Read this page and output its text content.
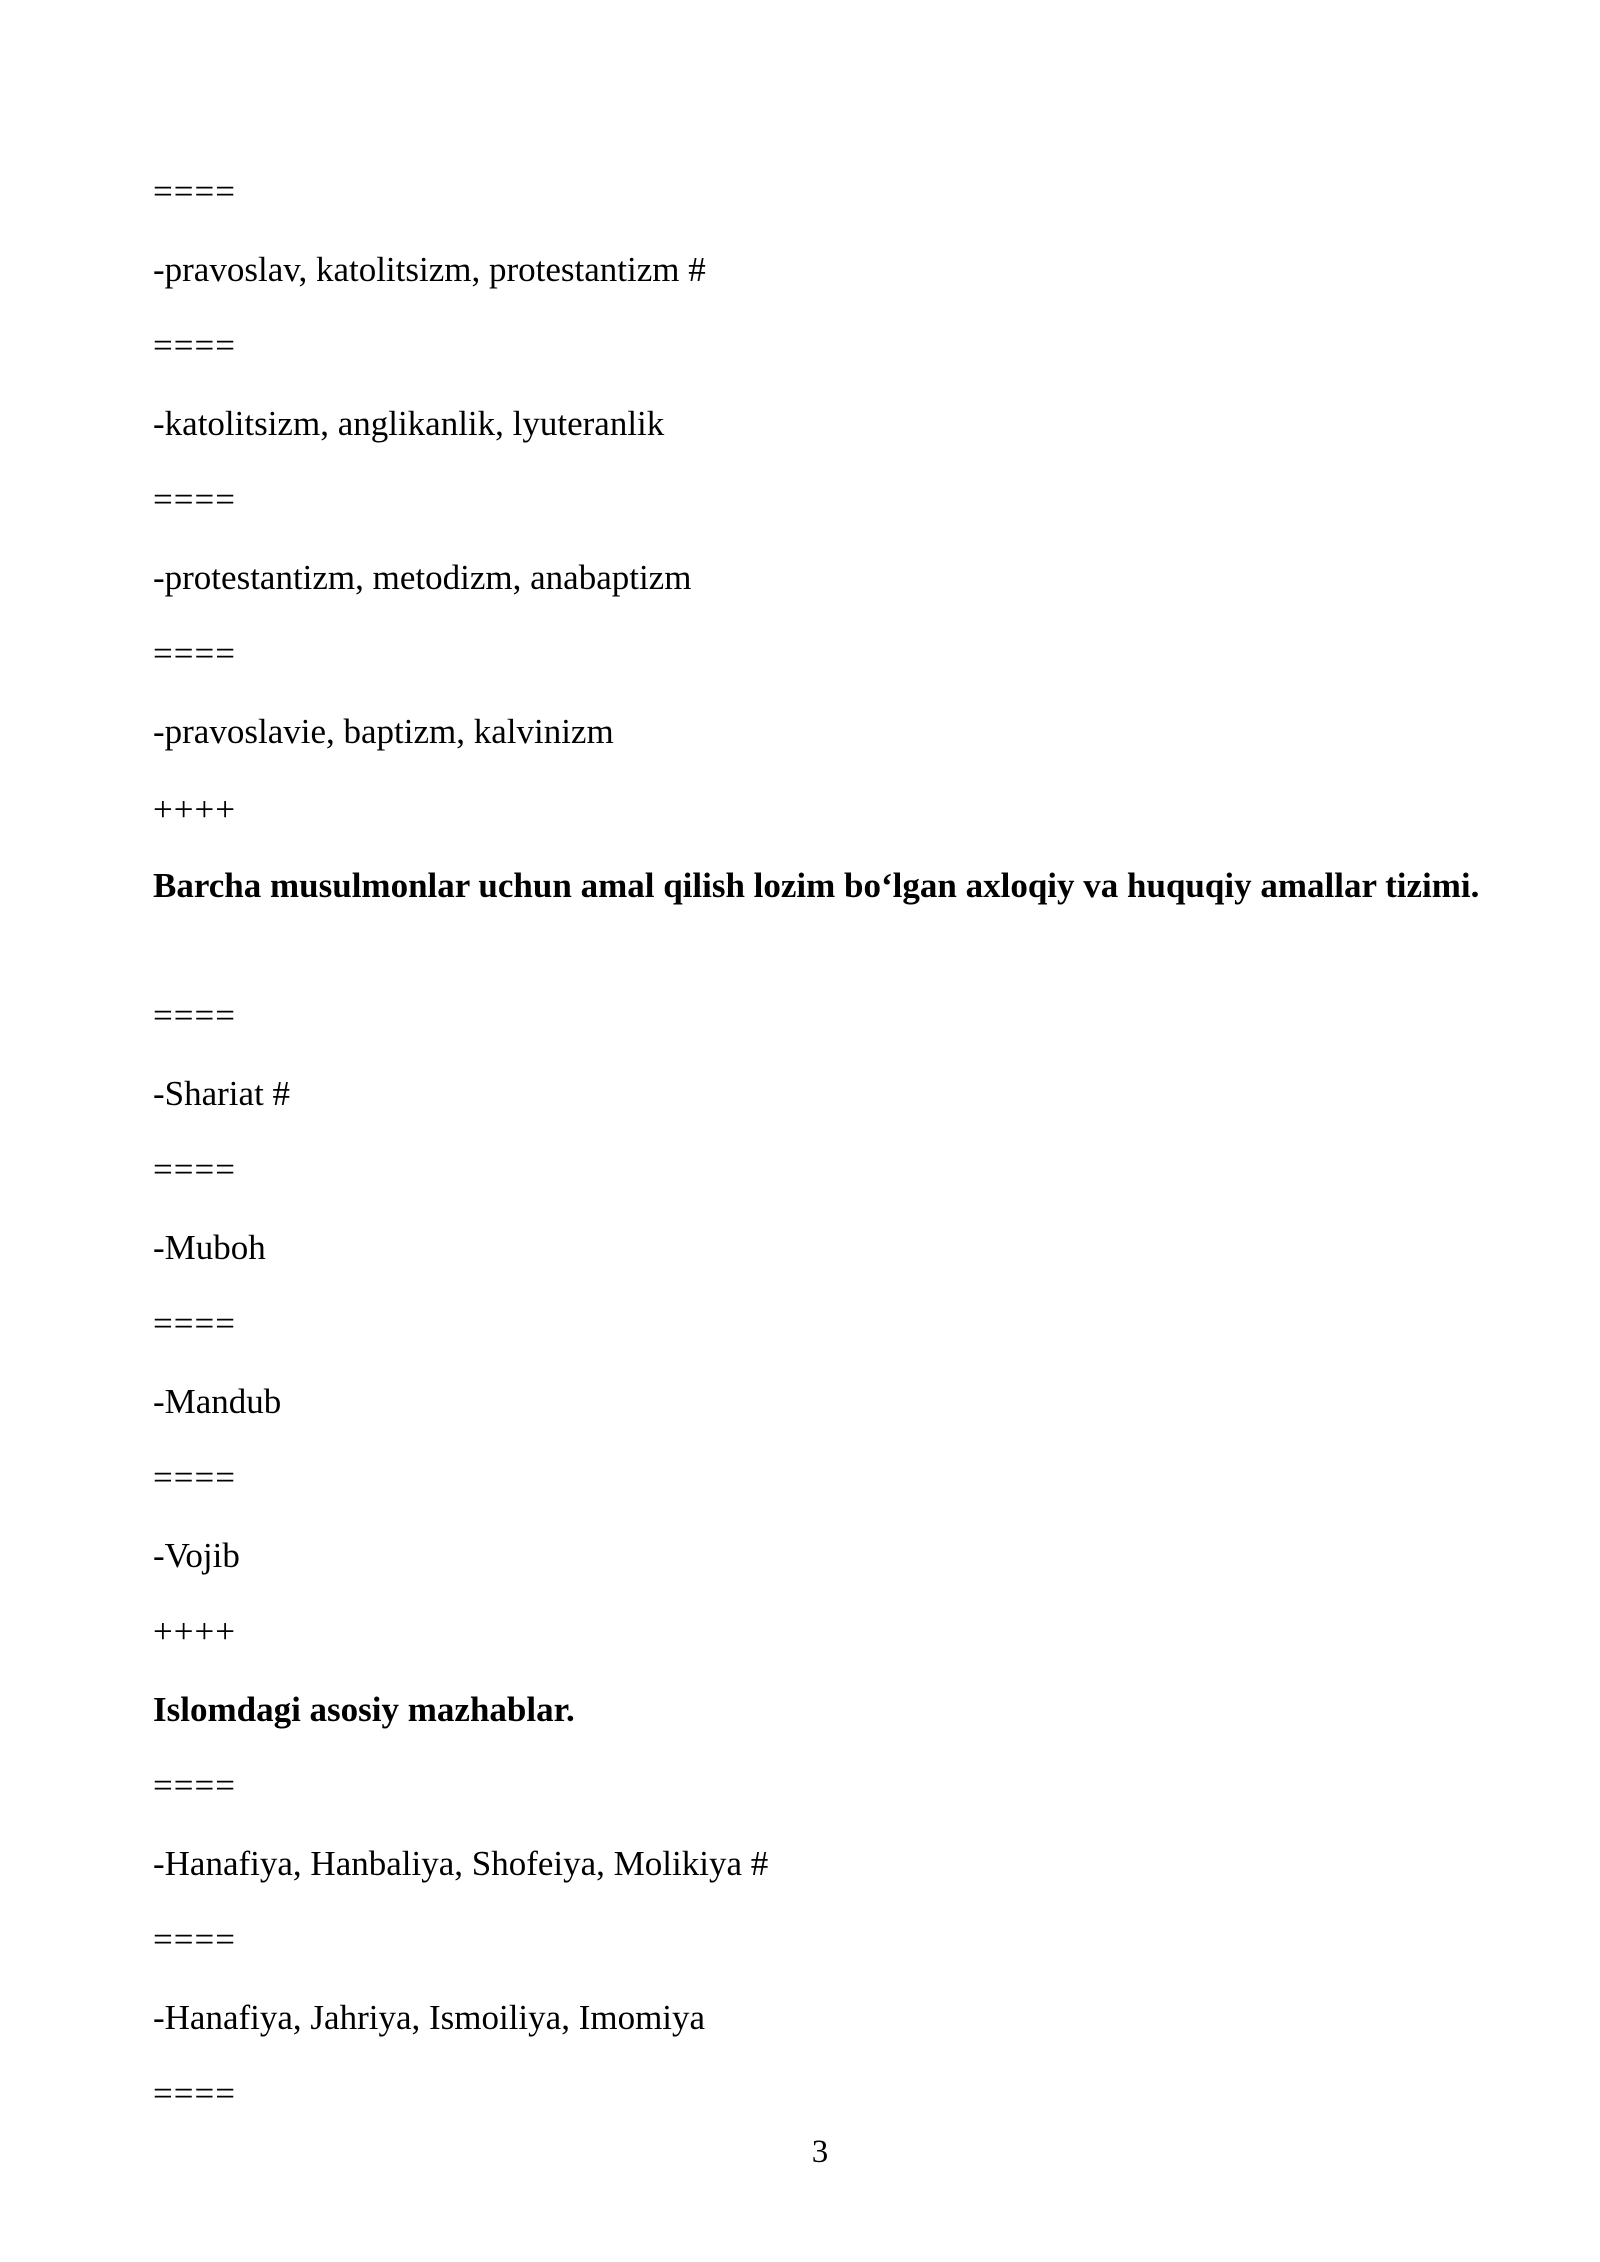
====
-pravoslav, katolitsizm, protestantizm #
====
-katolitsizm, anglikanlik, lyuteranlik
====
-protestantizm, metodizm, anabaptizm
====
-pravoslavie, baptizm, kalvinizm
++++
Barcha musulmonlar uchun amal qilish lozim bo‘lgan axloqiy va huquqiy amallar tizimi.
====
-Shariat #
====
-Muboh
====
-Mandub
====
-Vojib
++++
Islomdagi asosiy mazhablar.
====
-Hanafiya, Hanbaliya, Shofeiya, Molikiya #
====
-Hanafiya, Jahriya, Ismoiliya, Imomiya
====
3
